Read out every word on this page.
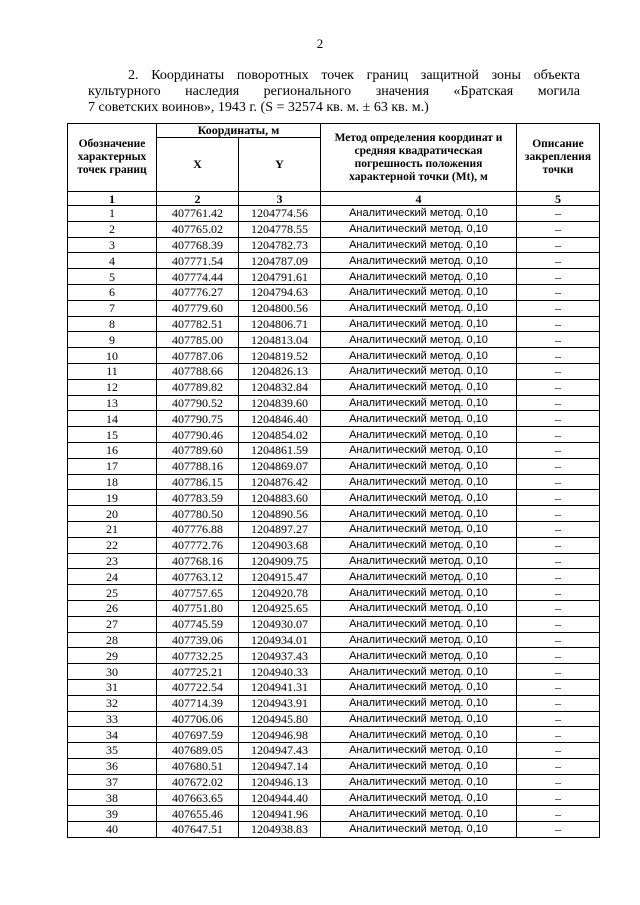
2
2. Координаты поворотных точек границ защитной зоны объекта
культурного наследия регионального значения «Братская могила
7 советских воинов», 1943 г. (S = 32574 кв. м. ± 63 кв. м.)
Обозначение характерных точек границ	Координаты, м		Метод определения координат и средняя квадратическая погрешность положения характерной точки (Mt), м	Описание закрепления точки
	X	Y		
1	2	3	4	5
1	407761.42	1204774.56	Аналитический метод. 0,10	–
2	407765.02	1204778.55	Аналитический метод. 0,10	–
3	407768.39	1204782.73	Аналитический метод. 0,10	–
4	407771.54	1204787.09	Аналитический метод. 0,10	–
5	407774.44	1204791.61	Аналитический метод. 0,10	–
6	407776.27	1204794.63	Аналитический метод. 0,10	–
7	407779.60	1204800.56	Аналитический метод. 0,10	–
8	407782.51	1204806.71	Аналитический метод. 0,10	–
9	407785.00	1204813.04	Аналитический метод. 0,10	–
10	407787.06	1204819.52	Аналитический метод. 0,10	–
11	407788.66	1204826.13	Аналитический метод. 0,10	–
12	407789.82	1204832.84	Аналитический метод. 0,10	–
13	407790.52	1204839.60	Аналитический метод. 0,10	–
14	407790.75	1204846.40	Аналитический метод. 0,10	–
15	407790.46	1204854.02	Аналитический метод. 0,10	–
16	407789.60	1204861.59	Аналитический метод. 0,10	–
17	407788.16	1204869.07	Аналитический метод. 0,10	–
18	407786.15	1204876.42	Аналитический метод. 0,10	–
19	407783.59	1204883.60	Аналитический метод. 0,10	–
20	407780.50	1204890.56	Аналитический метод. 0,10	–
21	407776.88	1204897.27	Аналитический метод. 0,10	–
22	407772.76	1204903.68	Аналитический метод. 0,10	–
23	407768.16	1204909.75	Аналитический метод. 0,10	–
24	407763.12	1204915.47	Аналитический метод. 0,10	–
25	407757.65	1204920.78	Аналитический метод. 0,10	–
26	407751.80	1204925.65	Аналитический метод. 0,10	–
27	407745.59	1204930.07	Аналитический метод. 0,10	–
28	407739.06	1204934.01	Аналитический метод. 0,10	–
29	407732.25	1204937.43	Аналитический метод. 0,10	–
30	407725.21	1204940.33	Аналитический метод. 0,10	–
31	407722.54	1204941.31	Аналитический метод. 0,10	–
32	407714.39	1204943.91	Аналитический метод. 0,10	–
33	407706.06	1204945.80	Аналитический метод. 0,10	–
34	407697.59	1204946.98	Аналитический метод. 0,10	–
35	407689.05	1204947.43	Аналитический метод. 0,10	–
36	407680.51	1204947.14	Аналитический метод. 0,10	–
37	407672.02	1204946.13	Аналитический метод. 0,10	–
38	407663.65	1204944.40	Аналитический метод. 0,10	–
39	407655.46	1204941.96	Аналитический метод. 0,10	–
40	407647.51	1204938.83	Аналитический метод. 0,10	–
